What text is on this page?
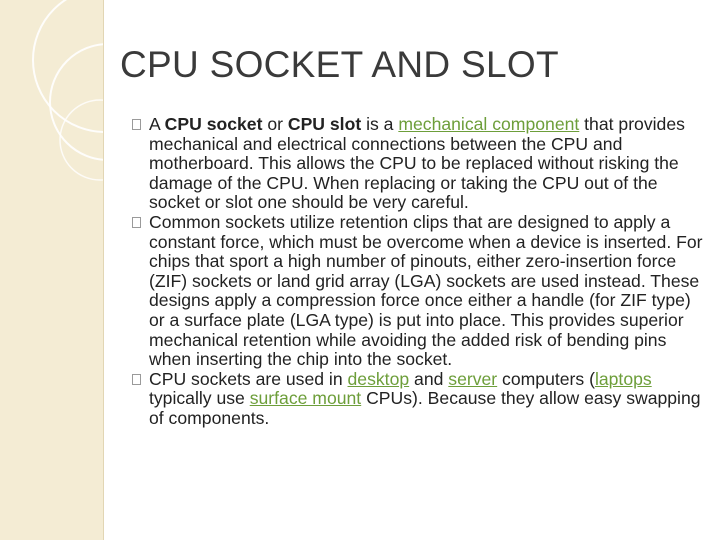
CPU SOCKET AND SLOT

A CPU socket or CPU slot is a mechanical component that provides mechanical and electrical connections between the CPU and motherboard. This allows the CPU to be replaced without risking the damage of the CPU. When replacing or taking the CPU out of the socket or slot one should be very careful.

Common sockets utilize retention clips that are designed to apply a constant force, which must be overcome when a device is inserted. For chips that sport a high number of pinouts, either zero-insertion force (ZIF) sockets or land grid array (LGA) sockets are used instead. These designs apply a compression force once either a handle (for ZIF type) or a surface plate (LGA type) is put into place. This provides superior mechanical retention while avoiding the added risk of bending pins when inserting the chip into the socket.

CPU sockets are used in desktop and server computers (laptops typically use surface mount CPUs). Because they allow easy swapping of components.
